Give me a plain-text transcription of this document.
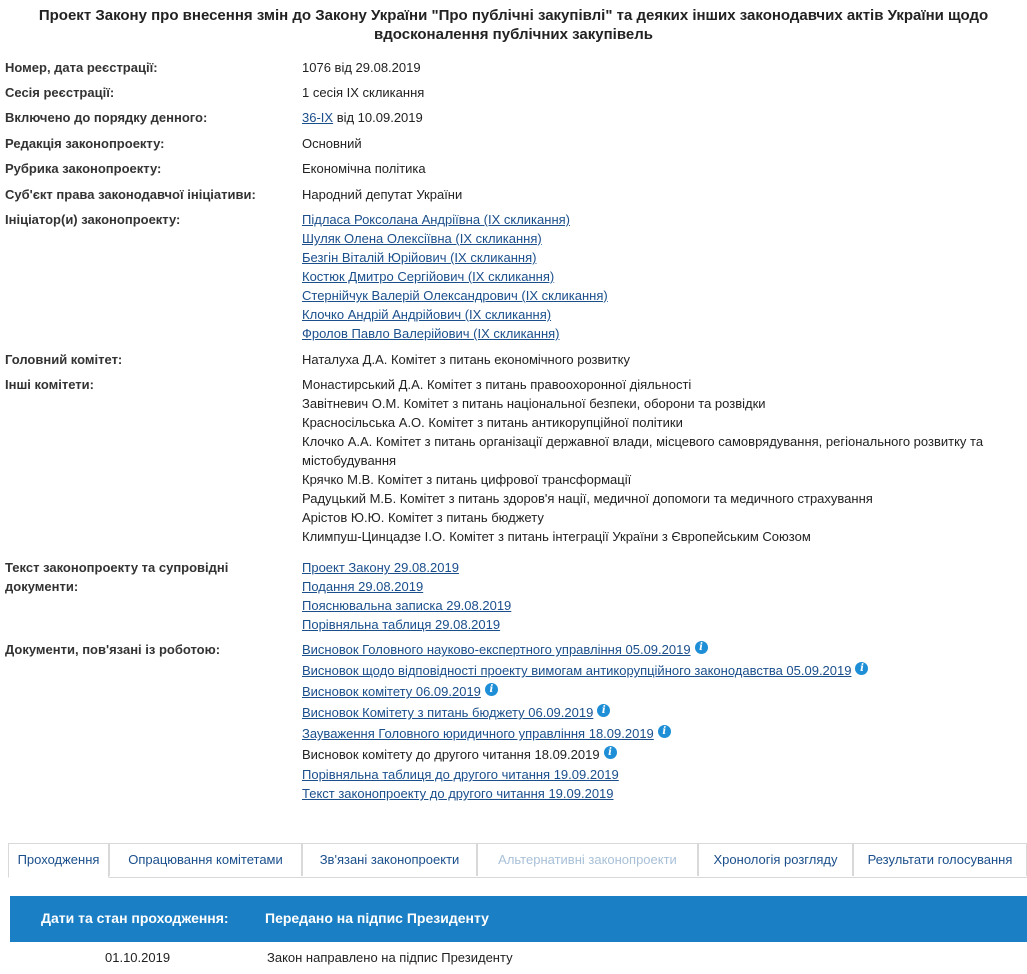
Проект Закону про внесення змін до Закону України "Про публічні закупівлі" та деяких інших законодавчих актів України щодо вдосконалення публічних закупівель
Номер, дата реєстрації:	1076 від 29.08.2019
Сесія реєстрації:	1 сесія IX скликання
Включено до порядку денного:	36-IX від 10.09.2019
Редакція законопроекту:	Основний
Рубрика законопроекту:	Економічна політика
Суб'єкт права законодавчої ініціативи:	Народний депутат України
Ініціатор(и) законопроекту:	Підласа Роксолана Андріївна (IX скликання)
Шуляк Олена Олексіївна (IX скликання)
Безгін Віталій Юрійович (IX скликання)
Костюк Дмитро Сергійович (IX скликання)
Стернійчук Валерій Олександрович (IX скликання)
Клочко Андрій Андрійович (IX скликання)
Фролов Павло Валерійович (IX скликання)
Головний комітет:	Наталуха Д.А. Комітет з питань економічного розвитку
Інші комітети:	Монастирський Д.А. Комітет з питань правоохоронної діяльності
Завітневич О.М. Комітет з питань національної безпеки, оборони та розвідки
Красносільська А.О. Комітет з питань антикорупційної політики
Клочко А.А. Комітет з питань організації державної влади, місцевого самоврядування, регіонального розвитку та містобудування
Крячко М.В. Комітет з питань цифрової трансформації
Радуцький М.Б. Комітет з питань здоров'я нації, медичної допомоги та медичного страхування
Арістов Ю.Ю. Комітет з питань бюджету
Климпуш-Цинцадзе І.О. Комітет з питань інтеграції України з Європейським Союзом
Текст законопроекту та супровідні документи:
Проект Закону 29.08.2019
Подання 29.08.2019
Пояснювальна записка 29.08.2019
Порівняльна таблиця 29.08.2019
Документи, пов'язані із роботою:	Висновок Головного науково-експертного управління 05.09.2019 i
Висновок щодо відповідності проекту вимогам антикорупційного законодавства 05.09.2019 i
Висновок комітету 06.09.2019 i
Висновок Комітету з питань бюджету 06.09.2019 i
Зауваження Головного юридичного управління 18.09.2019 i
Висновок комітету до другого читання 18.09.2019 i
Порівняльна таблиця до другого читання 19.09.2019
Текст законопроекту до другого читання 19.09.2019
Проходження	Опрацювання комітетами	Зв'язані законопроекти	Альтернативні законопроекти	Хронологія розгляду	Результати голосування
Дати та стан проходження:	Передано на підпис Президенту
01.10.2019	Закон направлено на підпис Президенту
